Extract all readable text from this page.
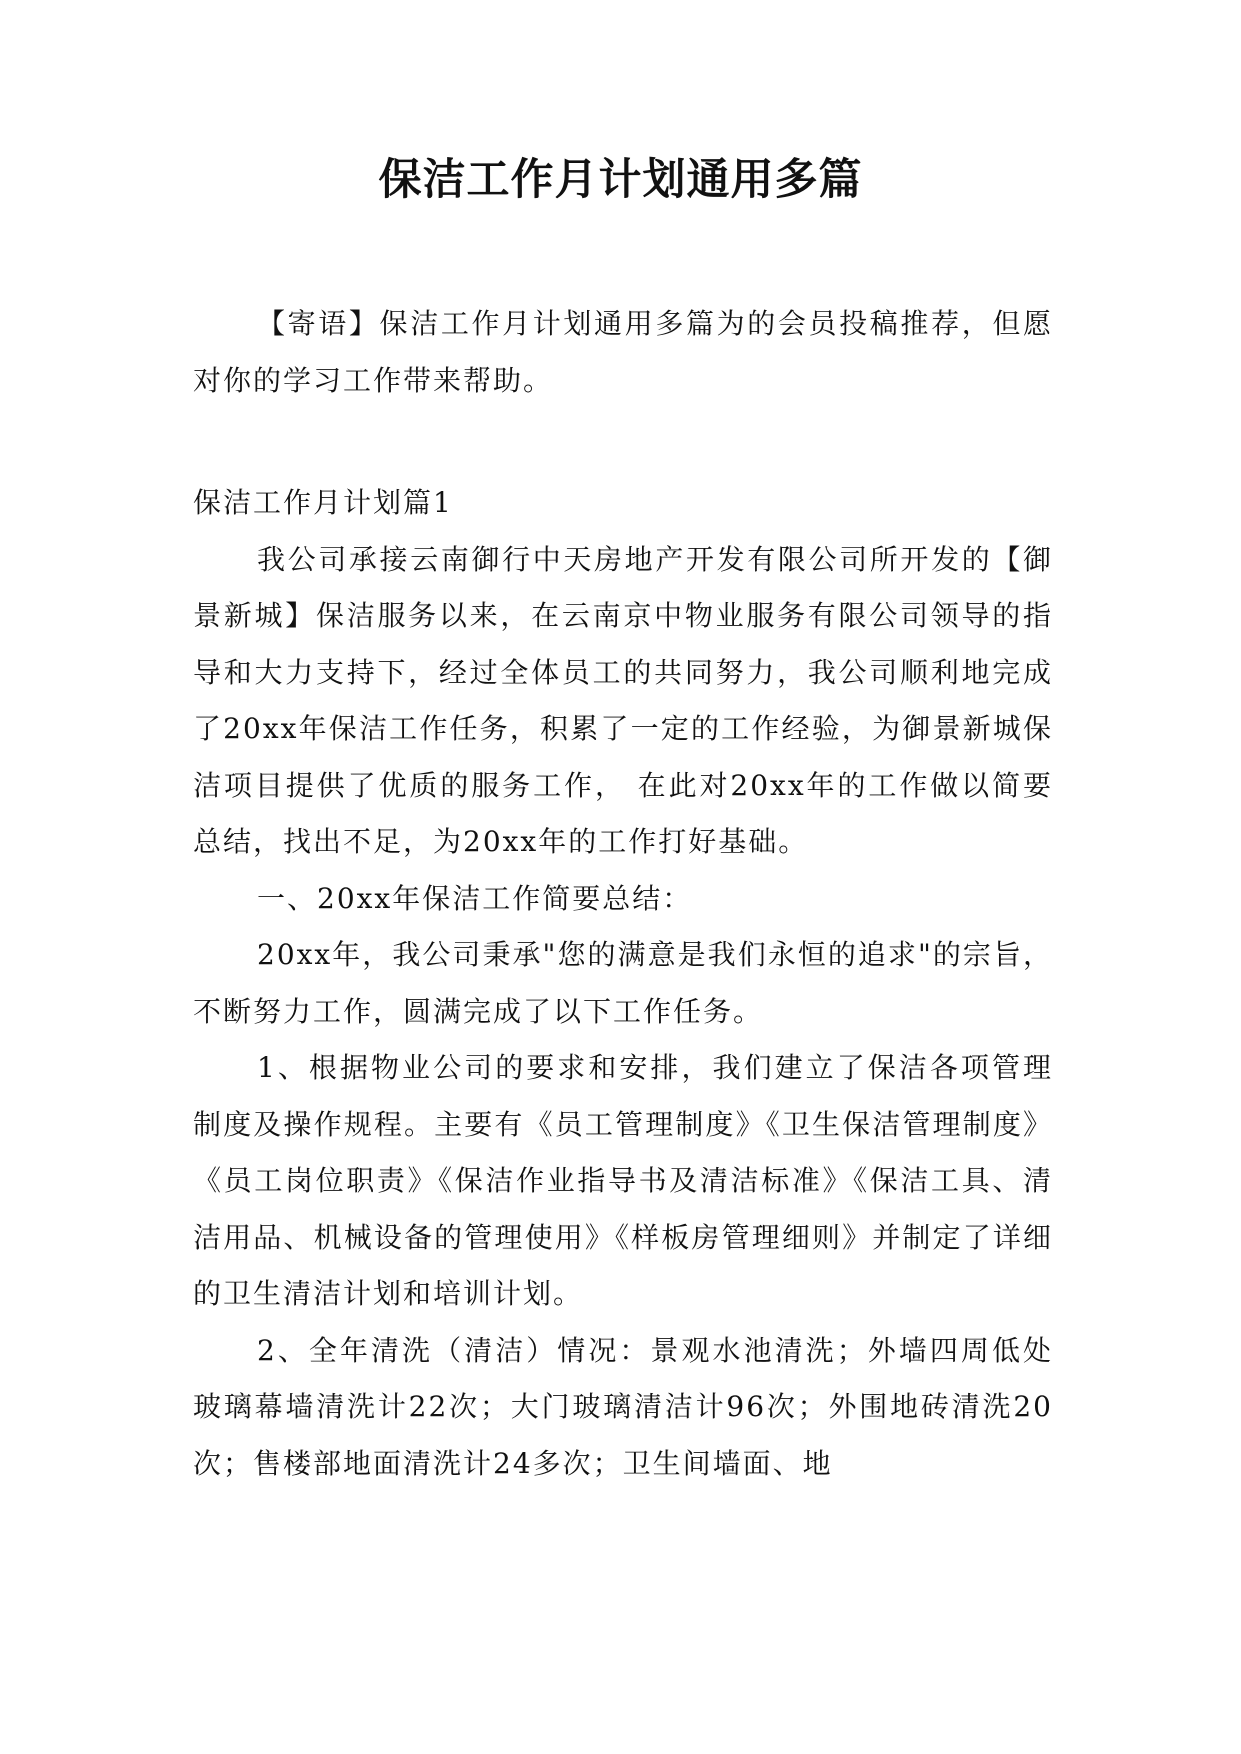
保洁工作月计划通用多篇

【寄语】保洁工作月计划通用多篇为的会员投稿推荐，但愿对你的学习工作带来帮助。

保洁工作月计划篇1

我公司承接云南御行中天房地产开发有限公司所开发的【御景新城】保洁服务以来，在云南京中物业服务有限公司领导的指导和大力支持下，经过全体员工的共同努力，我公司顺利地完成了20xx年保洁工作任务，积累了一定的工作经验，为御景新城保洁项目提供了优质的服务工作， 在此对20xx年的工作做以简要总结，找出不足，为20xx年的工作打好基础。

一、20xx年保洁工作简要总结：

20xx年，我公司秉承"您的满意是我们永恒的追求"的宗旨，不断努力工作，圆满完成了以下工作任务。

1、根据物业公司的要求和安排，我们建立了保洁各项管理制度及操作规程。主要有《员工管理制度》《卫生保洁管理制度》《员工岗位职责》《保洁作业指导书及清洁标准》《保洁工具、清洁用品、机械设备的管理使用》《样板房管理细则》并制定了详细的卫生清洁计划和培训计划。

2、全年清洗（清洁）情况：景观水池清洗；外墙四周低处玻璃幕墙清洗计22次；大门玻璃清洁计96次；外围地砖清洗20次；售楼部地面清洗计24多次；卫生间墙面、地
